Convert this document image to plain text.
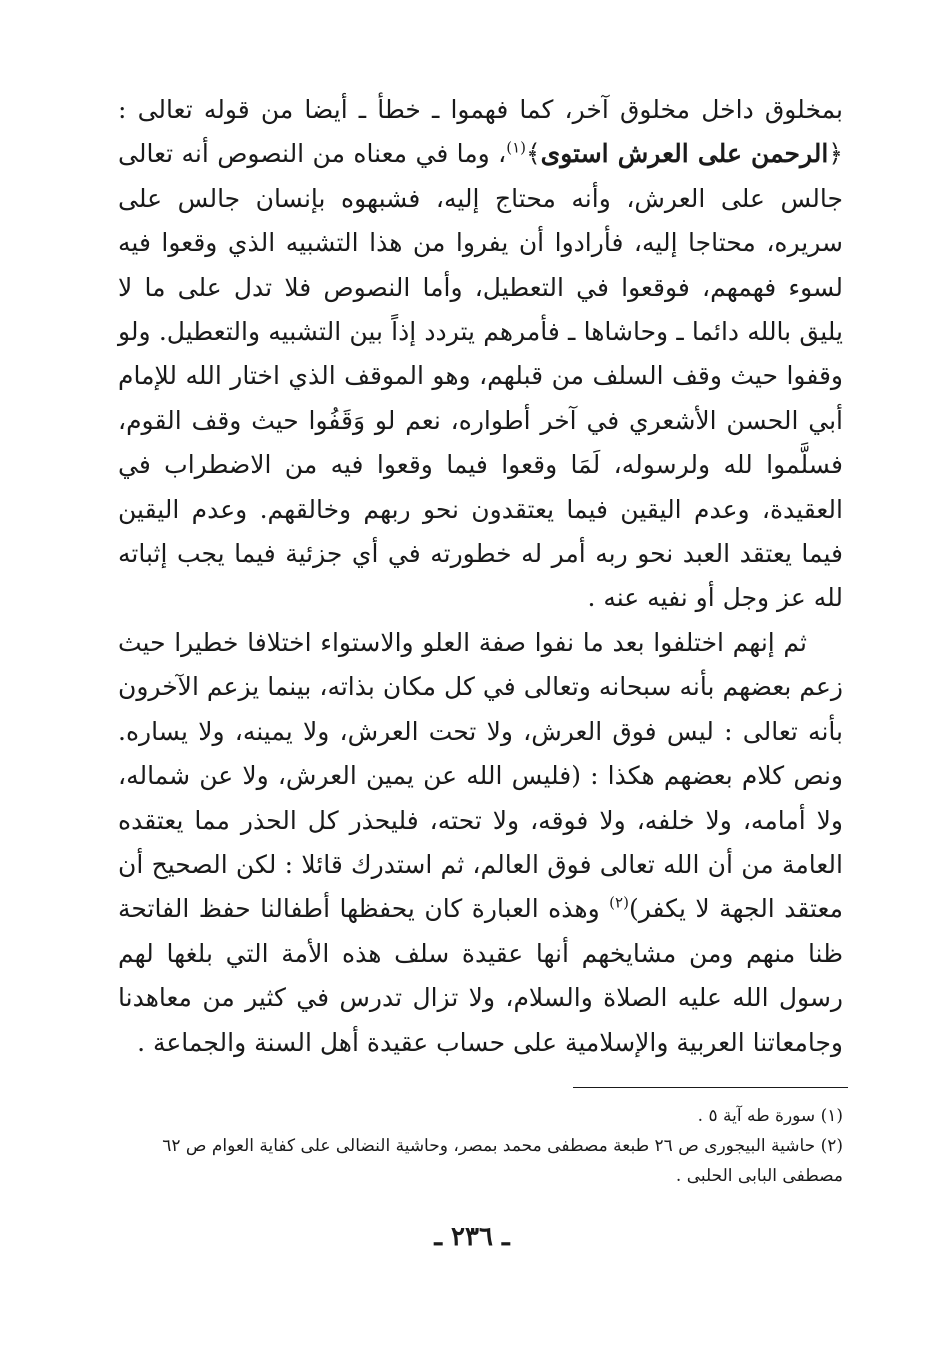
بمخلوق داخل مخلوق آخر، كما فهموا ـ خطأ ـ أيضا من قوله تعالى : ﴿الرحمن على العرش استوى﴾$^{(١)}$، وما في معناه من النصوص أنه تعالى جالس على العرش، وأنه محتاج إليه، فشبهوه بإنسان جالس على سريره، محتاجا إليه، فأرادوا أن يفروا من هذا التشبيه الذي وقعوا فيه لسوء فهمهم، فوقعوا في التعطيل، وأما النصوص فلا تدل على ما لا يليق بالله دائما ـ وحاشاها ـ فأمرهم يتردد إذاً بين التشبيه والتعطيل. ولو وقفوا حيث وقف السلف من قبلهم، وهو الموقف الذي اختار الله للإمام أبي الحسن الأشعري في آخر أطواره، نعم لو وَقَفُوا حيث وقف القوم، فسلَّموا لله ولرسوله، لَمَا وقعوا فيما وقعوا فيه من الاضطراب في العقيدة، وعدم اليقين فيما يعتقدون نحو ربهم وخالقهم. وعدم اليقين فيما يعتقد العبد نحو ربه أمر له خطورته في أي جزئية فيما يجب إثباته لله عز وجل أو نفيه عنه .

ثم إنهم اختلفوا بعد ما نفوا صفة العلو والاستواء اختلافا خطيرا حيث زعم بعضهم بأنه سبحانه وتعالى في كل مكان بذاته، بينما يزعم الآخرون بأنه تعالى : ليس فوق العرش، ولا تحت العرش، ولا يمينه، ولا يساره. ونص كلام بعضهم هكذا : (فليس الله عن يمين العرش، ولا عن شماله، ولا أمامه، ولا خلفه، ولا فوقه، ولا تحته، فليحذر كل الحذر مما يعتقده العامة من أن الله تعالى فوق العالم، ثم استدرك قائلا : لكن الصحيح أن معتقد الجهة لا يكفر)$^{(٢)}$ وهذه العبارة كان يحفظها أطفالنا حفظ الفاتحة ظنا منهم ومن مشايخهم أنها عقيدة سلف هذه الأمة التي بلغها لهم رسول الله عليه الصلاة والسلام، ولا تزال تدرس في كثير من معاهدنا وجامعاتنا العربية والإسلامية على حساب عقيدة أهل السنة والجماعة .

(١) سورة طه آية ٥ .

(٢) حاشية البيجورى ص ٢٦ طبعة مصطفى محمد بمصر، وحاشية النضالى على كفاية العوام ص ٦٢ مصطفى البابى الحلبى .

ـ ٢٣٦ ـ
